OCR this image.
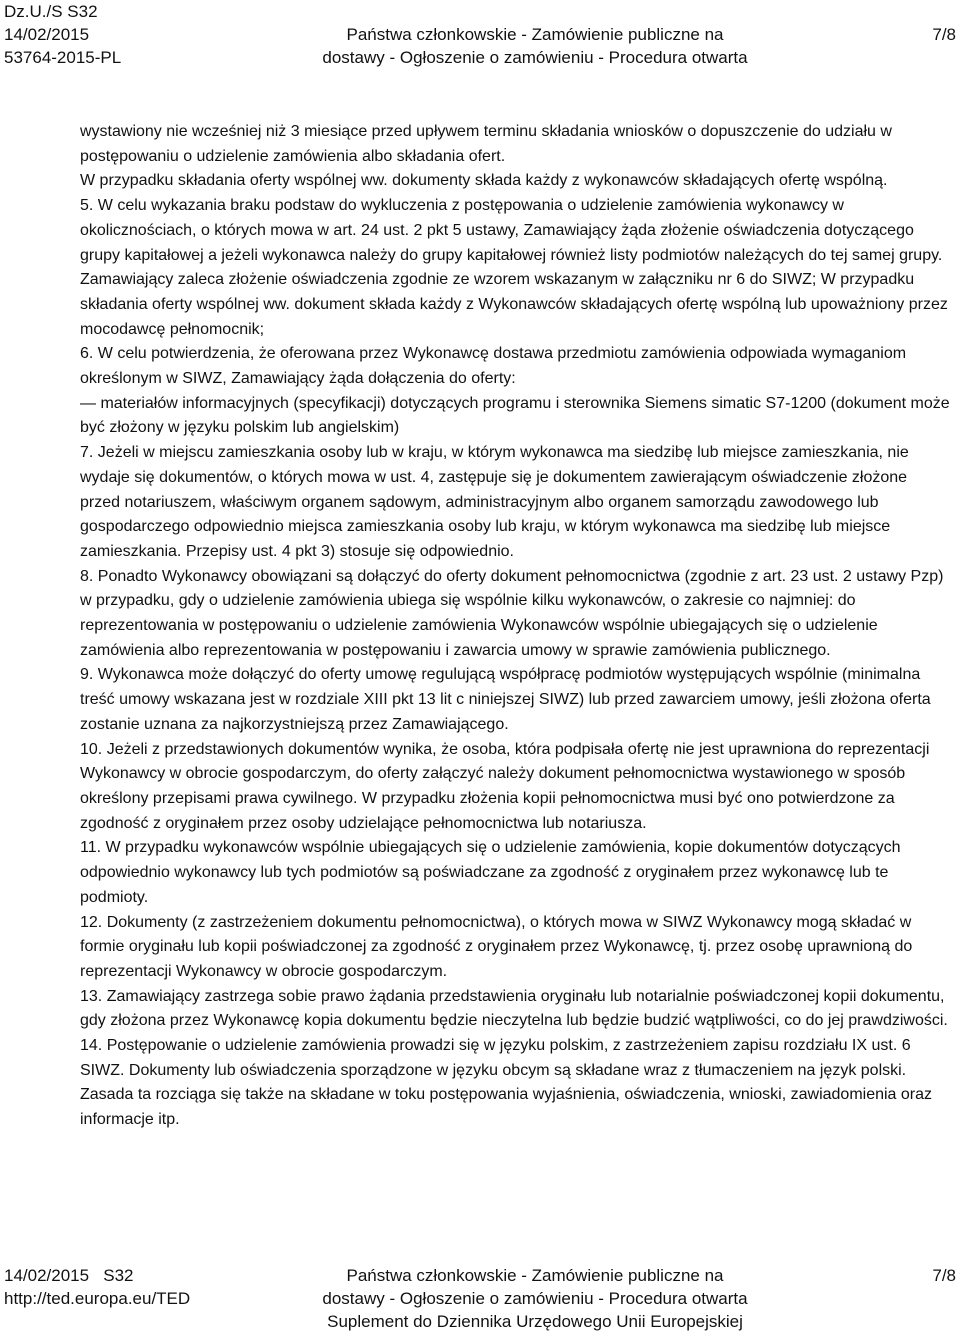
Dz.U./S S32
14/02/2015
53764-2015-PL
Państwa członkowskie - Zamówienie publiczne na
dostawy - Ogłoszenie o zamówieniu - Procedura otwarta
7/8

wystawiony nie wcześniej niż 3 miesiące przed upływem terminu składania wniosków o dopuszczenie do udziału w postępowaniu o udzielenie zamówienia albo składania ofert.

W przypadku składania oferty wspólnej ww. dokumenty składa każdy z wykonawców składających ofertę wspólną.

5. W celu wykazania braku podstaw do wykluczenia z postępowania o udzielenie zamówienia wykonawcy w okolicznościach, o których mowa w art. 24 ust. 2 pkt 5 ustawy, Zamawiający żąda złożenie oświadczenia dotyczącego grupy kapitałowej a jeżeli wykonawca należy do grupy kapitałowej również listy podmiotów należących do tej samej grupy. Zamawiający zaleca złożenie oświadczenia zgodnie ze wzorem wskazanym w załączniku nr 6 do SIWZ; W przypadku składania oferty wspólnej ww. dokument składa każdy z Wykonawców składających ofertę wspólną lub upoważniony przez mocodawcę pełnomocnik;

6. W celu potwierdzenia, że oferowana przez Wykonawcę dostawa przedmiotu zamówienia odpowiada wymaganiom określonym w SIWZ, Zamawiający żąda dołączenia do oferty:

— materiałów informacyjnych (specyfikacji) dotyczących programu i sterownika Siemens simatic S7-1200 (dokument może być złożony w języku polskim lub angielskim)

7. Jeżeli w miejscu zamieszkania osoby lub w kraju, w którym wykonawca ma siedzibę lub miejsce zamieszkania, nie wydaje się dokumentów, o których mowa w ust. 4, zastępuje się je dokumentem zawierającym oświadczenie złożone przed notariuszem, właściwym organem sądowym, administracyjnym albo organem samorządu zawodowego lub gospodarczego odpowiednio miejsca zamieszkania osoby lub kraju, w którym wykonawca ma siedzibę lub miejsce zamieszkania. Przepisy ust. 4 pkt 3) stosuje się odpowiednio.

8. Ponadto Wykonawcy obowiązani są dołączyć do oferty dokument pełnomocnictwa (zgodnie z art. 23 ust. 2 ustawy Pzp) w przypadku, gdy o udzielenie zamówienia ubiega się wspólnie kilku wykonawców, o zakresie co najmniej: do reprezentowania w postępowaniu o udzielenie zamówienia Wykonawców wspólnie ubiegających się o udzielenie zamówienia albo reprezentowania w postępowaniu i zawarcia umowy w sprawie zamówienia publicznego.

9. Wykonawca może dołączyć do oferty umowę regulującą współpracę podmiotów występujących wspólnie (minimalna treść umowy wskazana jest w rozdziale XIII pkt 13 lit c niniejszej SIWZ) lub przed zawarciem umowy, jeśli złożona oferta zostanie uznana za najkorzystniejszą przez Zamawiającego.

10. Jeżeli z przedstawionych dokumentów wynika, że osoba, która podpisała ofertę nie jest uprawniona do reprezentacji Wykonawcy w obrocie gospodarczym, do oferty załączyć należy dokument pełnomocnictwa wystawionego w sposób określony przepisami prawa cywilnego. W przypadku złożenia kopii pełnomocnictwa musi być ono potwierdzone za zgodność z oryginałem przez osoby udzielające pełnomocnictwa lub notariusza.

11. W przypadku wykonawców wspólnie ubiegających się o udzielenie zamówienia, kopie dokumentów dotyczących odpowiednio wykonawcy lub tych podmiotów są poświadczane za zgodność z oryginałem przez wykonawcę lub te podmioty.

12. Dokumenty (z zastrzeżeniem dokumentu pełnomocnictwa), o których mowa w SIWZ Wykonawcy mogą składać w formie oryginału lub kopii poświadczonej za zgodność z oryginałem przez Wykonawcę, tj. przez osobę uprawnioną do reprezentacji Wykonawcy w obrocie gospodarczym.

13. Zamawiający zastrzega sobie prawo żądania przedstawienia oryginału lub notarialnie poświadczonej kopii dokumentu, gdy złożona przez Wykonawcę kopia dokumentu będzie nieczytelna lub będzie budzić wątpliwości, co do jej prawdziwości.

14. Postępowanie o udzielenie zamówienia prowadzi się w języku polskim, z zastrzeżeniem zapisu rozdziału IX ust. 6 SIWZ. Dokumenty lub oświadczenia sporządzone w języku obcym są składane wraz z tłumaczeniem na język polski. Zasada ta rozciąga się także na składane w toku postępowania wyjaśnienia, oświadczenia, wnioski, zawiadomienia oraz informacje itp.

14/02/2015   S32
http://ted.europa.eu/TED
Państwa członkowskie - Zamówienie publiczne na
dostawy - Ogłoszenie o zamówieniu - Procedura otwarta
Suplement do Dziennika Urzędowego Unii Europejskiej
7/8
